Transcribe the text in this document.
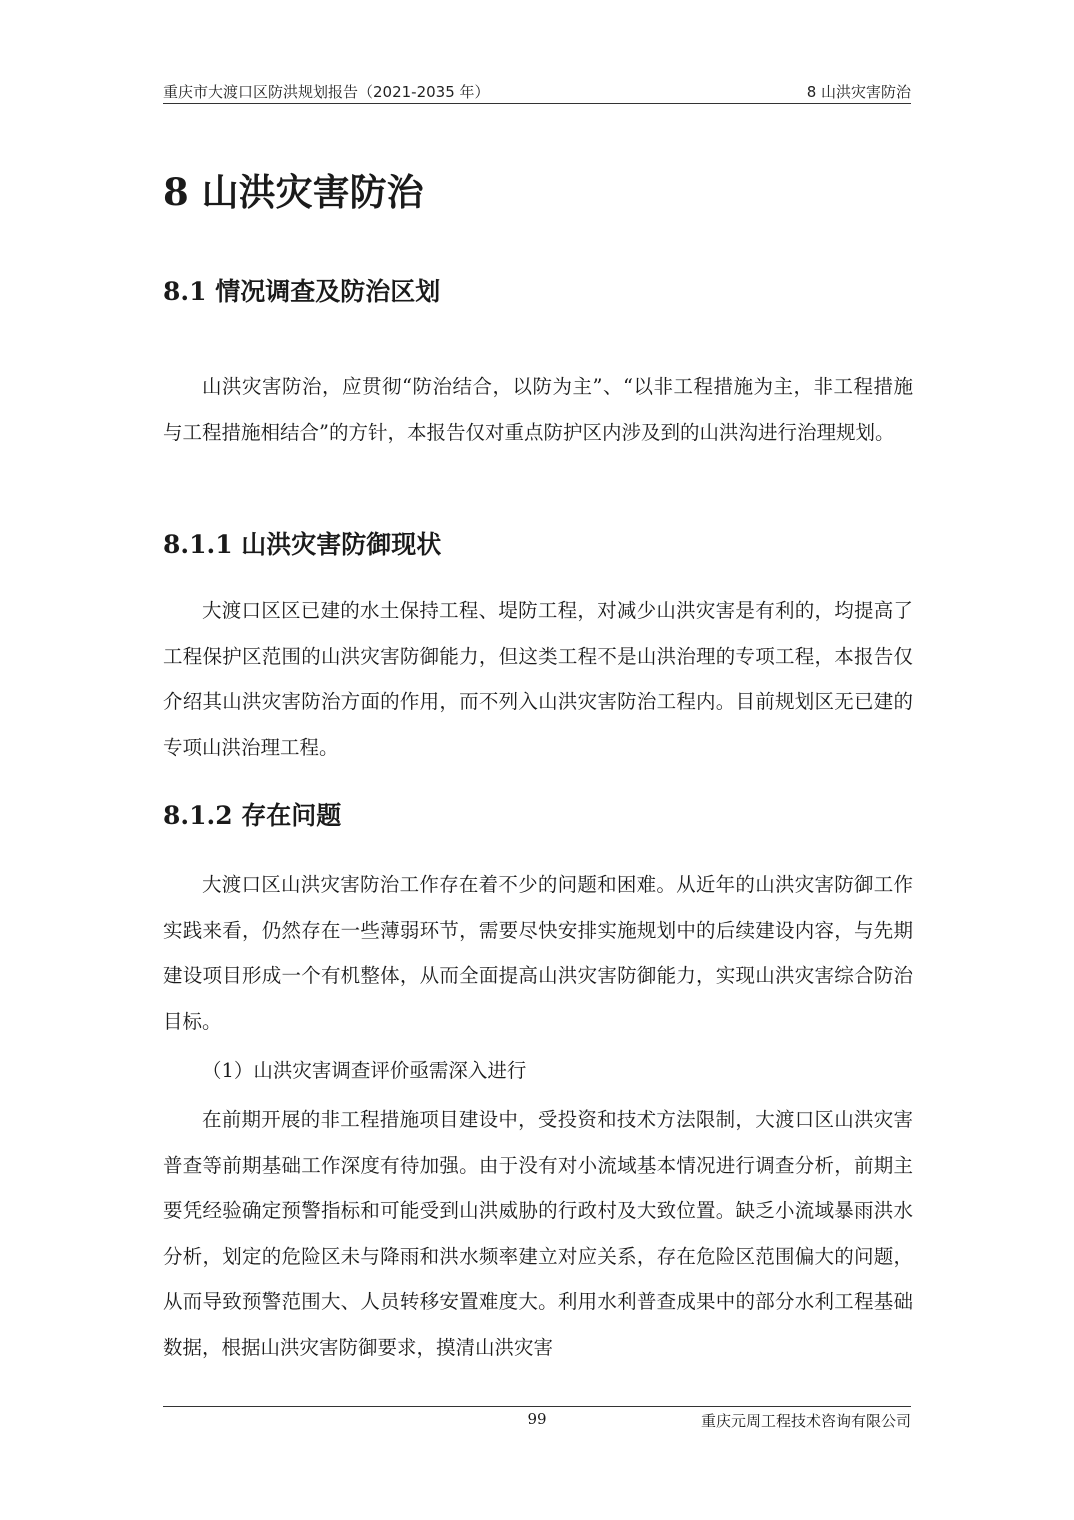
重庆市大渡口区防洪规划报告（2021-2035 年）	8 山洪灾害防治
8 山洪灾害防治
8.1 情况调查及防治区划

山洪灾害防治，应贯彻“防治结合，以防为主”、“以非工程措施为主，非工程措施与工程措施相结合”的方针，本报告仅对重点防护区内涉及到的山洪沟进行治理规划。

8.1.1 山洪灾害防御现状

大渡口区区已建的水土保持工程、堤防工程，对减少山洪灾害是有利的，均提高了工程保护区范围的山洪灾害防御能力，但这类工程不是山洪治理的专项工程，本报告仅介绍其山洪灾害防治方面的作用，而不列入山洪灾害防治工程内。目前规划区无已建的专项山洪治理工程。

8.1.2 存在问题

大渡口区山洪灾害防治工作存在着不少的问题和困难。从近年的山洪灾害防御工作实践来看，仍然存在一些薄弱环节，需要尽快安排实施规划中的后续建设内容，与先期建设项目形成一个有机整体，从而全面提高山洪灾害防御能力，实现山洪灾害综合防治目标。

（1）山洪灾害调查评价亟需深入进行

在前期开展的非工程措施项目建设中，受投资和技术方法限制，大渡口区山洪灾害普查等前期基础工作深度有待加强。由于没有对小流域基本情况进行调查分析，前期主要凭经验确定预警指标和可能受到山洪威胁的行政村及大致位置。缺乏小流域暴雨洪水分析，划定的危险区未与降雨和洪水频率建立对应关系，存在危险区范围偏大的问题，从而导致预警范围大、人员转移安置难度大。利用水利普查成果中的部分水利工程基础数据，根据山洪灾害防御要求，摸清山洪灾害

99	重庆元周工程技术咨询有限公司
